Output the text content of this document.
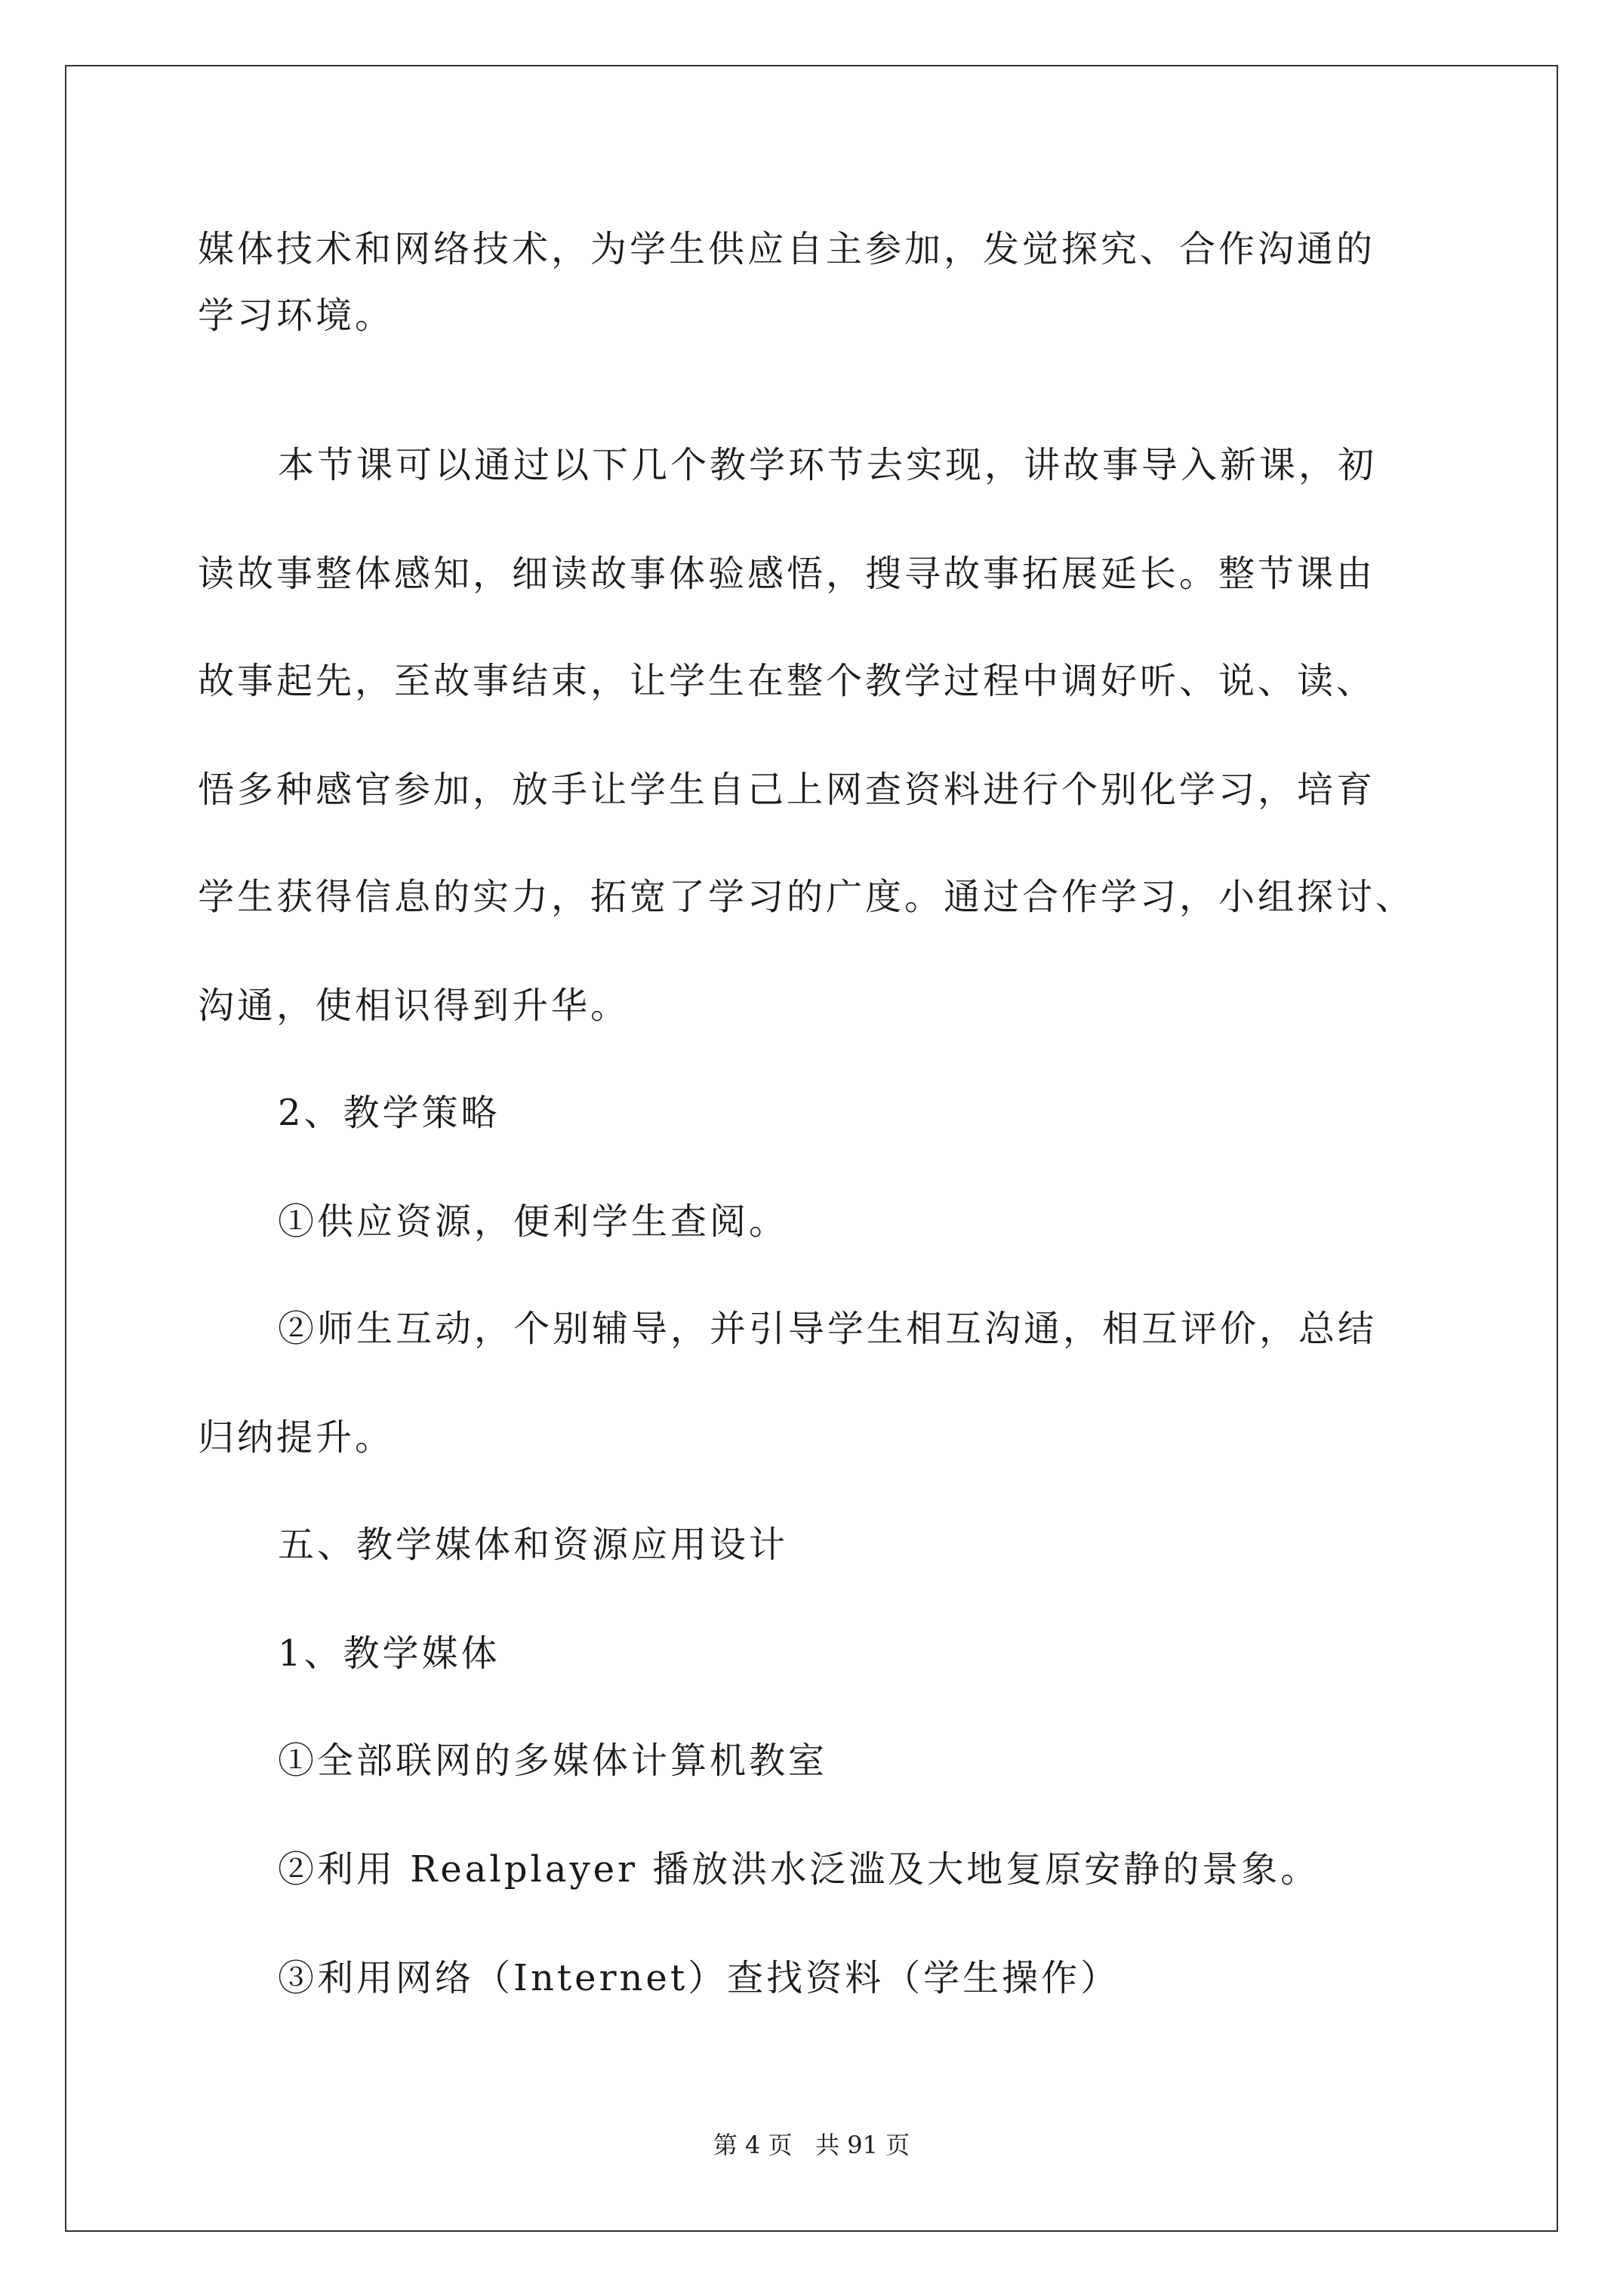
媒体技术和网络技术，为学生供应自主参加，发觉探究、合作沟通的
学习环境。
本节课可以通过以下几个教学环节去实现，讲故事导入新课，初
读故事整体感知，细读故事体验感悟，搜寻故事拓展延长。整节课由
故事起先，至故事结束，让学生在整个教学过程中调好听、说、读、
悟多种感官参加，放手让学生自己上网查资料进行个别化学习，培育
学生获得信息的实力，拓宽了学习的广度。通过合作学习，小组探讨、
沟通，使相识得到升华。
2、教学策略
①供应资源，便利学生查阅。
②师生互动，个别辅导，并引导学生相互沟通，相互评价，总结
归纳提升。
五、教学媒体和资源应用设计
1、教学媒体
①全部联网的多媒体计算机教室
②利用 Realplayer 播放洪水泛滥及大地复原安静的景象。
③利用网络（Internet）查找资料（学生操作）
第 4 页   共 91 页
